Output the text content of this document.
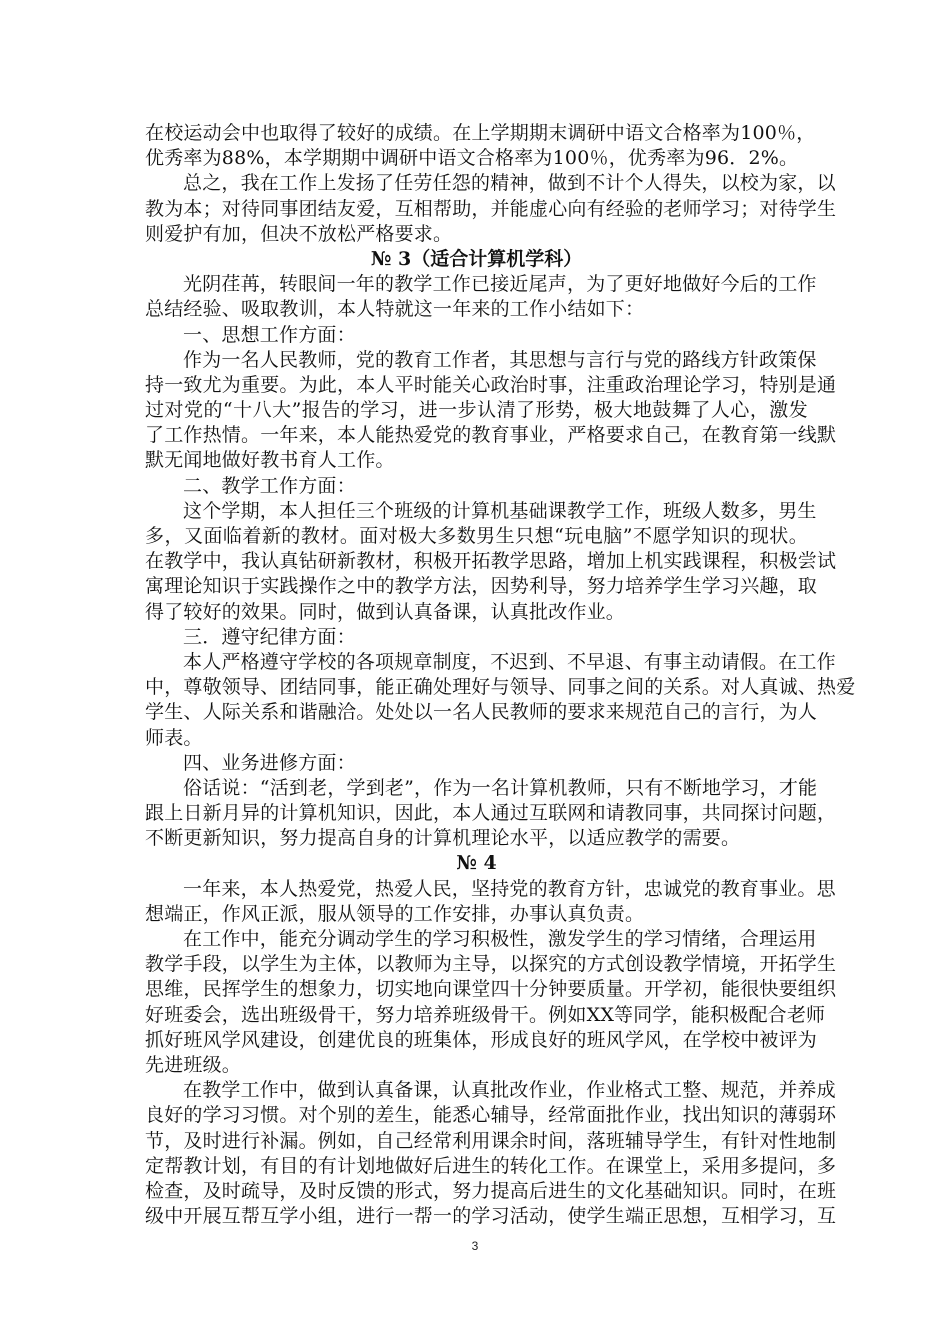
在校运动会中也取得了较好的成绩。在上学期期末调研中语文合格率为100％，
优秀率为88%，本学期期中调研中语文合格率为100％，优秀率为96．2%。
总之，我在工作上发扬了任劳任怨的精神，做到不计个人得失，以校为家，以
教为本；对待同事团结友爱，互相帮助，并能虚心向有经验的老师学习；对待学生
则爱护有加，但决不放松严格要求。
№ 3（适合计算机学科）
光阴荏苒，转眼间一年的教学工作已接近尾声，为了更好地做好今后的工作
总结经验、吸取教训，本人特就这一年来的工作小结如下：
一、思想工作方面：
作为一名人民教师，党的教育工作者，其思想与言行与党的路线方针政策保
持一致尤为重要。为此，本人平时能关心政治时事，注重政治理论学习，特别是通
过对党的“十八大”报告的学习，进一步认清了形势，极大地鼓舞了人心，激发
了工作热情。一年来，本人能热爱党的教育事业，严格要求自己，在教育第一线默
默无闻地做好教书育人工作。
二、教学工作方面：
这个学期，本人担任三个班级的计算机基础课教学工作，班级人数多，男生
多，又面临着新的教材。面对极大多数男生只想“玩电脑”不愿学知识的现状。
在教学中，我认真钻研新教材，积极开拓教学思路，增加上机实践课程，积极尝试
寓理论知识于实践操作之中的教学方法，因势利导，努力培养学生学习兴趣，取
得了较好的效果。同时，做到认真备课，认真批改作业。
三．遵守纪律方面：
本人严格遵守学校的各项规章制度，不迟到、不早退、有事主动请假。在工作
中，尊敬领导、团结同事，能正确处理好与领导、同事之间的关系。对人真诚、热爱
学生、人际关系和谐融洽。处处以一名人民教师的要求来规范自己的言行，为人
师表。
四、业务进修方面：
俗话说：“活到老，学到老”，作为一名计算机教师，只有不断地学习，才能
跟上日新月异的计算机知识，因此，本人通过互联网和请教同事，共同探讨问题，
不断更新知识，努力提高自身的计算机理论水平，以适应教学的需要。
№ 4
一年来，本人热爱党，热爱人民，坚持党的教育方针，忠诚党的教育事业。思
想端正，作风正派，服从领导的工作安排，办事认真负责。
在工作中，能充分调动学生的学习积极性，激发学生的学习情绪，合理运用
教学手段，以学生为主体，以教师为主导，以探究的方式创设教学情境，开拓学生
思维，民挥学生的想象力，切实地向课堂四十分钟要质量。开学初，能很快要组织
好班委会，选出班级骨干，努力培养班级骨干。例如XX等同学，能积极配合老师
抓好班风学风建设，创建优良的班集体，形成良好的班风学风，在学校中被评为
先进班级。
在教学工作中，做到认真备课，认真批改作业，作业格式工整、规范，并养成
良好的学习习惯。对个别的差生，能悉心辅导，经常面批作业，找出知识的薄弱环
节，及时进行补漏。例如，自己经常利用课余时间，落班辅导学生，有针对性地制
定帮教计划，有目的有计划地做好后进生的转化工作。在课堂上，采用多提问，多
检查，及时疏导，及时反馈的形式，努力提高后进生的文化基础知识。同时，在班
级中开展互帮互学小组，进行一帮一的学习活动，使学生端正思想，互相学习，互
3
